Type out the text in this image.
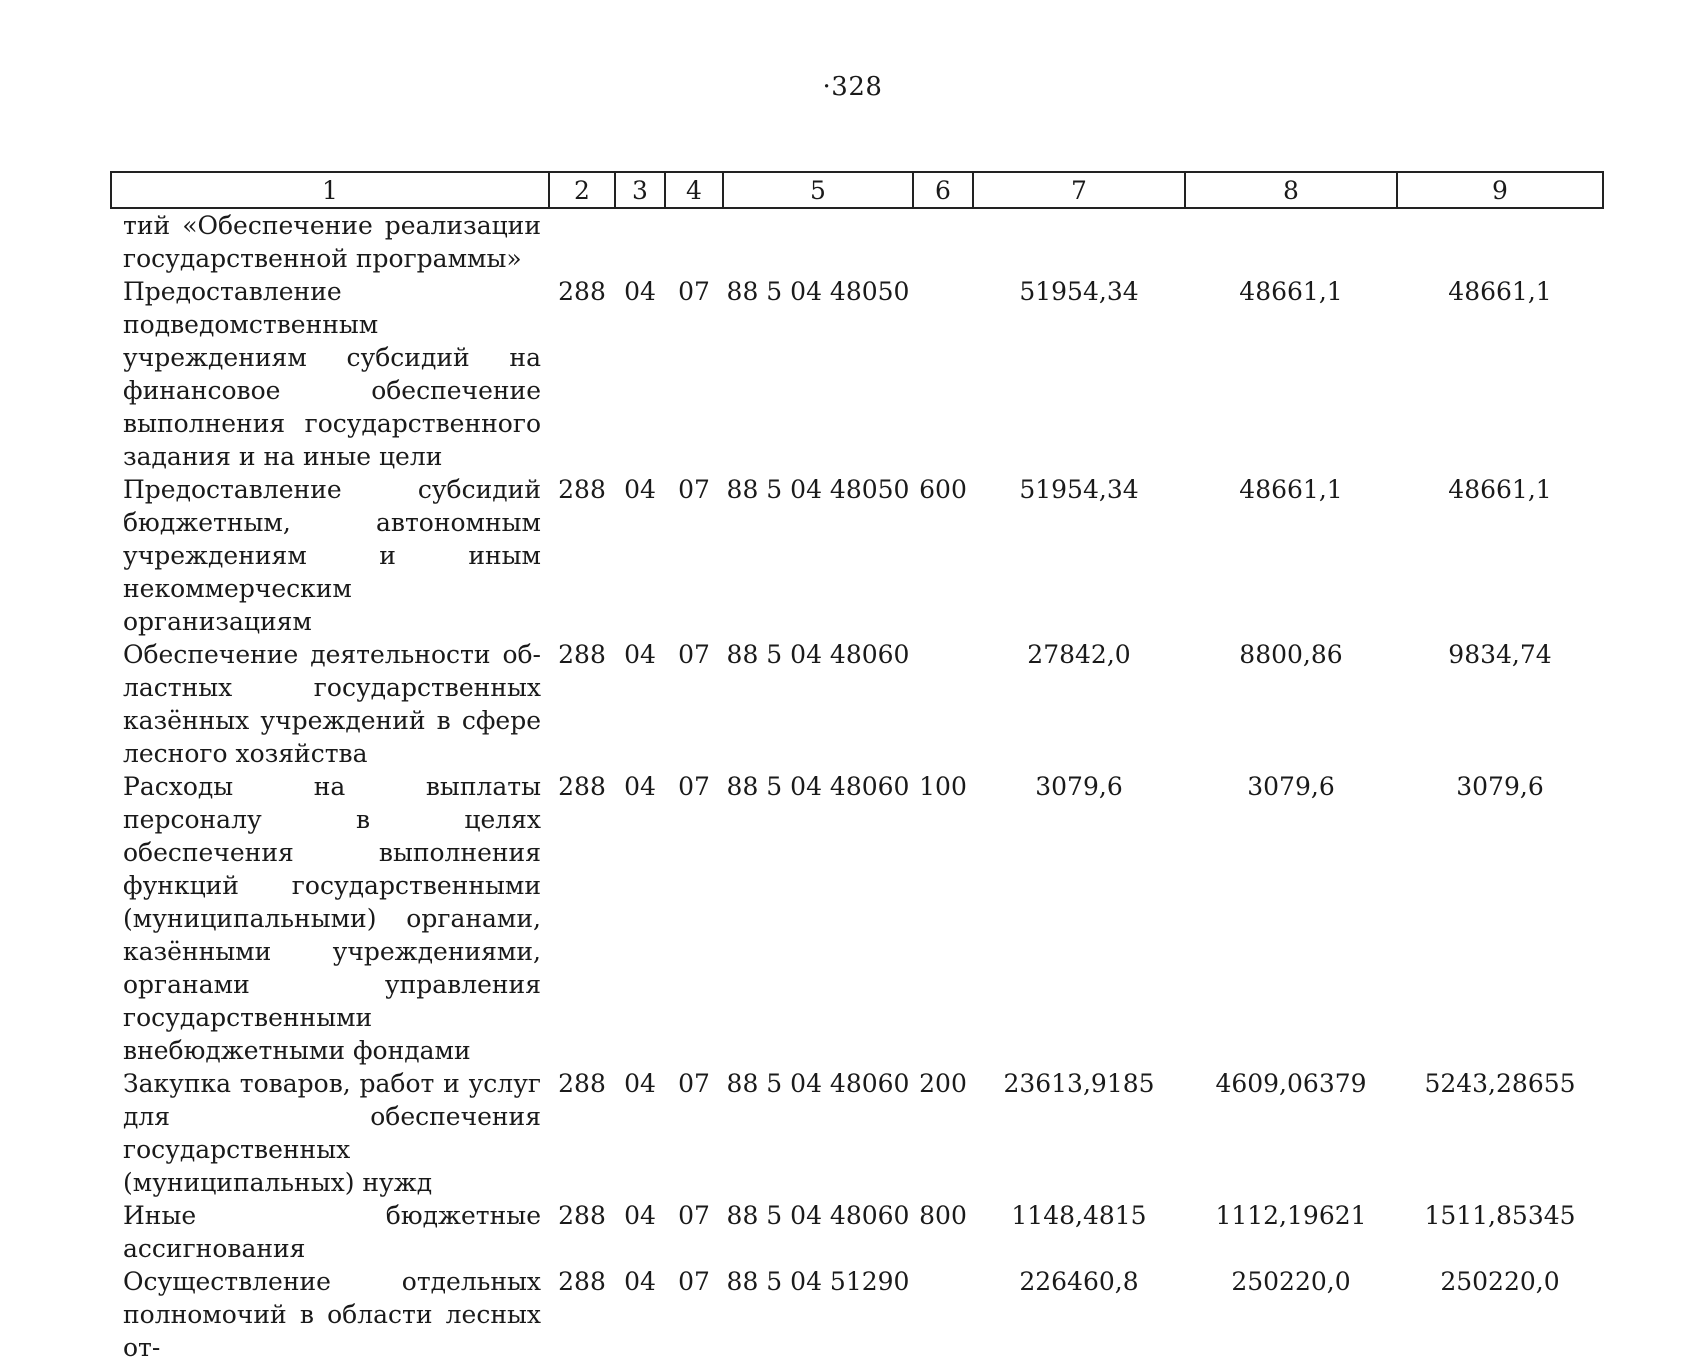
·328
1	2	3	4	5	6	7	8	9
тий «Обеспечение реализации государственной программы»								
Предоставление подведомственным учреждениям субсидий на финансовое обеспечение выполнения государственного задания и на иные цели	288	04	07	88 5 04 48050		51954,34	48661,1	48661,1
Предоставление субсидий бюджетным, автономным учреждениям и иным некоммерческим организациям	288	04	07	88 5 04 48050	600	51954,34	48661,1	48661,1
Обеспечение деятельности областных государственных казённых учреждений в сфере лесного хозяйства	288	04	07	88 5 04 48060		27842,0	8800,86	9834,74
Расходы на выплаты персоналу в целях обеспечения выполнения функций государственными (муниципальными) органами, казёнными учреждениями, органами управления государственными внебюджетными фондами	288	04	07	88 5 04 48060	100	3079,6	3079,6	3079,6
Закупка товаров, работ и услуг для обеспечения государственных (муниципальных) нужд	288	04	07	88 5 04 48060	200	23613,9185	4609,06379	5243,28655
Иные бюджетные ассигнования	288	04	07	88 5 04 48060	800	1148,4815	1112,19621	1511,85345
Осуществление отдельных полномочий в области лесных от-	288	04	07	88 5 04 51290		226460,8	250220,0	250220,0
